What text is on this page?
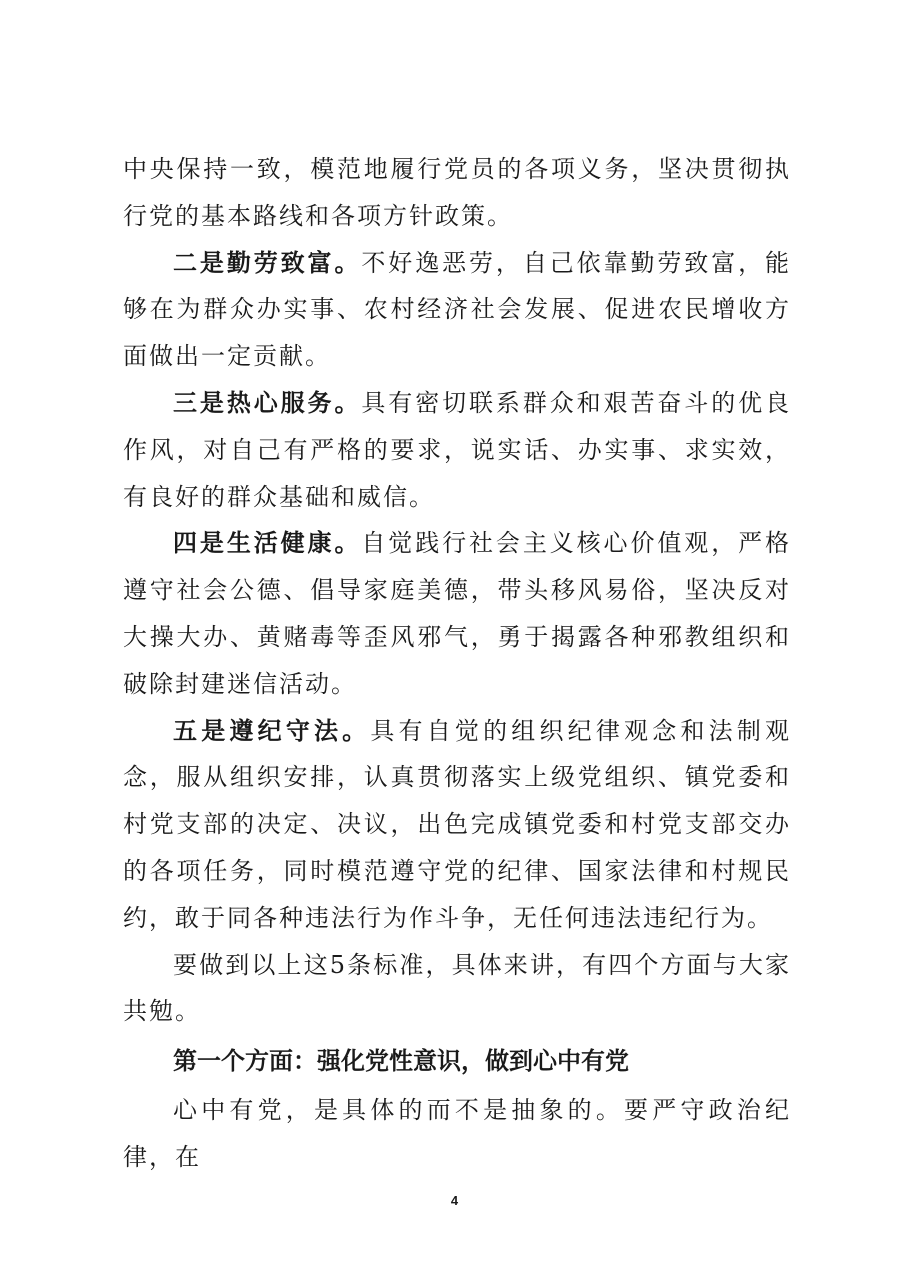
中央保持一致，模范地履行党员的各项义务，坚决贯彻执行党的基本路线和各项方针政策。

二是勤劳致富。不好逸恶劳，自己依靠勤劳致富，能够在为群众办实事、农村经济社会发展、促进农民增收方面做出一定贡献。

三是热心服务。具有密切联系群众和艰苦奋斗的优良作风，对自己有严格的要求，说实话、办实事、求实效，有良好的群众基础和威信。

四是生活健康。自觉践行社会主义核心价值观，严格遵守社会公德、倡导家庭美德，带头移风易俗，坚决反对大操大办、黄赌毒等歪风邪气，勇于揭露各种邪教组织和破除封建迷信活动。

五是遵纪守法。具有自觉的组织纪律观念和法制观念，服从组织安排，认真贯彻落实上级党组织、镇党委和村党支部的决定、决议，出色完成镇党委和村党支部交办的各项任务，同时模范遵守党的纪律、国家法律和村规民约，敢于同各种违法行为作斗争，无任何违法违纪行为。

要做到以上这5条标准，具体来讲，有四个方面与大家共勉。

第一个方面：强化党性意识，做到心中有党

心中有党，是具体的而不是抽象的。要严守政治纪律，在

4
